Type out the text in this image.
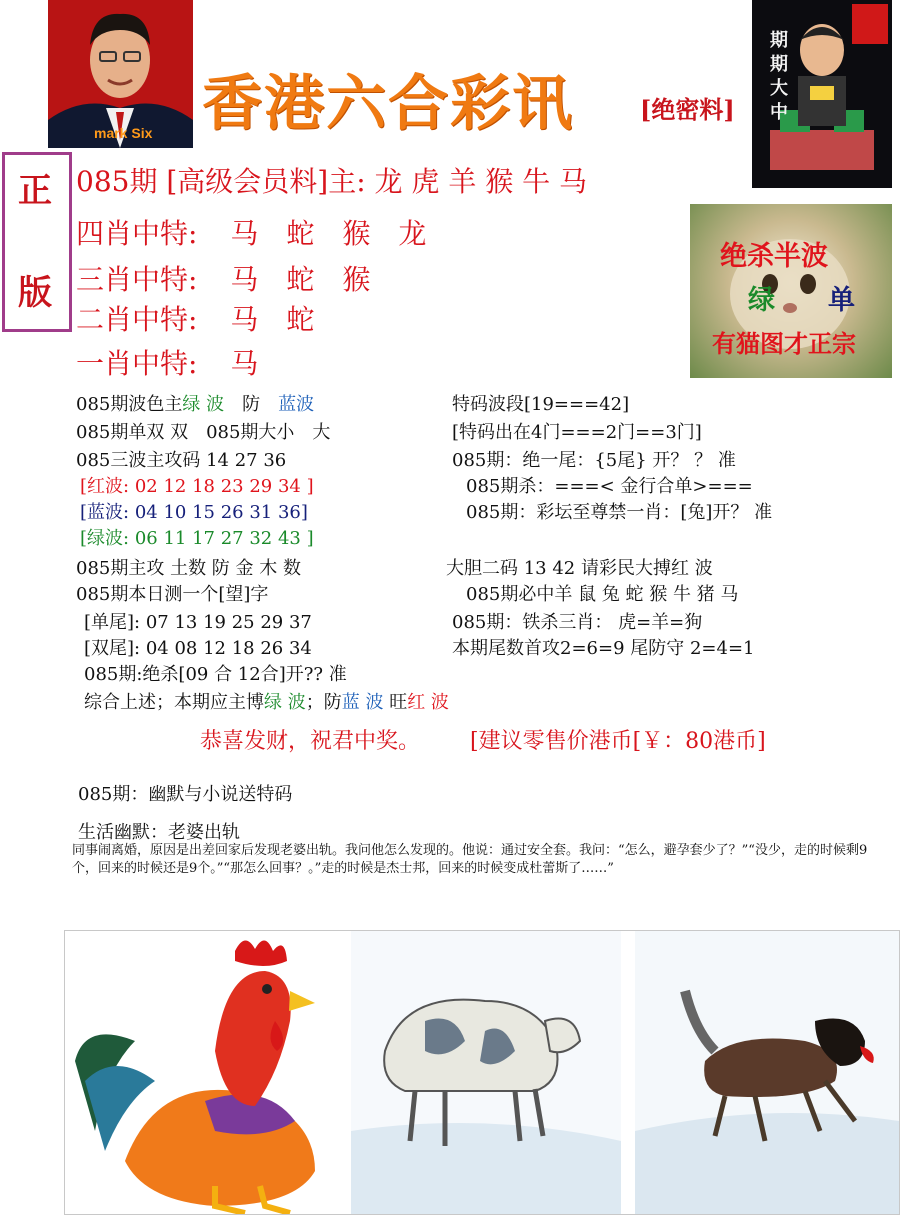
mark Six 香港六合彩讯	[绝密料]
期
期
大
中
正
版
085期 [高级会员料]主: 龙 虎 羊 猴 牛 马
四肖中特: 马　蛇　猴　龙
三肖中特: 马　蛇　猴
二肖中特: 马　蛇
一肖中特: 马
绝杀半波
绿 单
有猫图才正宗
085期波色主绿 波　防　蓝波
085期单双 双　085期大小　大
085三波主攻码 14 27 36
[红波: 02 12 18 23 29 34 ]
[蓝波: 04 10 15 26 31 36]
[绿波: 06 11 17 27 32 43 ]
085期主攻 土数 防 金 木 数
085期本日测一个[望]字
[单尾]: 07 13 19 25 29 37
[双尾]: 04 08 12 18 26 34
085期:绝杀[09 合 12合]开?? 准
综合上述；本期应主博绿 波；防蓝 波 旺红 波
特码波段[19===42]
[特码出在4门===2门==3门]
085期：绝一尾：{5尾} 开？ ？ 准
085期杀：===< 金行合单>===
085期：彩坛至尊禁一肖：[兔]开？ 准
大胆二码 13 42 请彩民大搏红 波
085期必中羊 鼠 兔 蛇 猴 牛 猪 马
085期：铁杀三肖： 虎=羊=狗
本期尾数首攻2=6=9 尾防守 2=4=1
恭喜发财，祝君中奖。 [建议零售价港币[￥：80港币]
085期：幽默与小说送特码
生活幽默：老婆出轨
同事闹离婚，原因是出差回家后发现老婆出轨。我问他怎么发现的。他说：通过安全套。我问：“怎么，避孕套少了？”“没少，走的时候剩9个，回来的时候还是9个。”“那怎么回事？。”走的时候是杰士邦，回来的时候变成杜蕾斯了……”
